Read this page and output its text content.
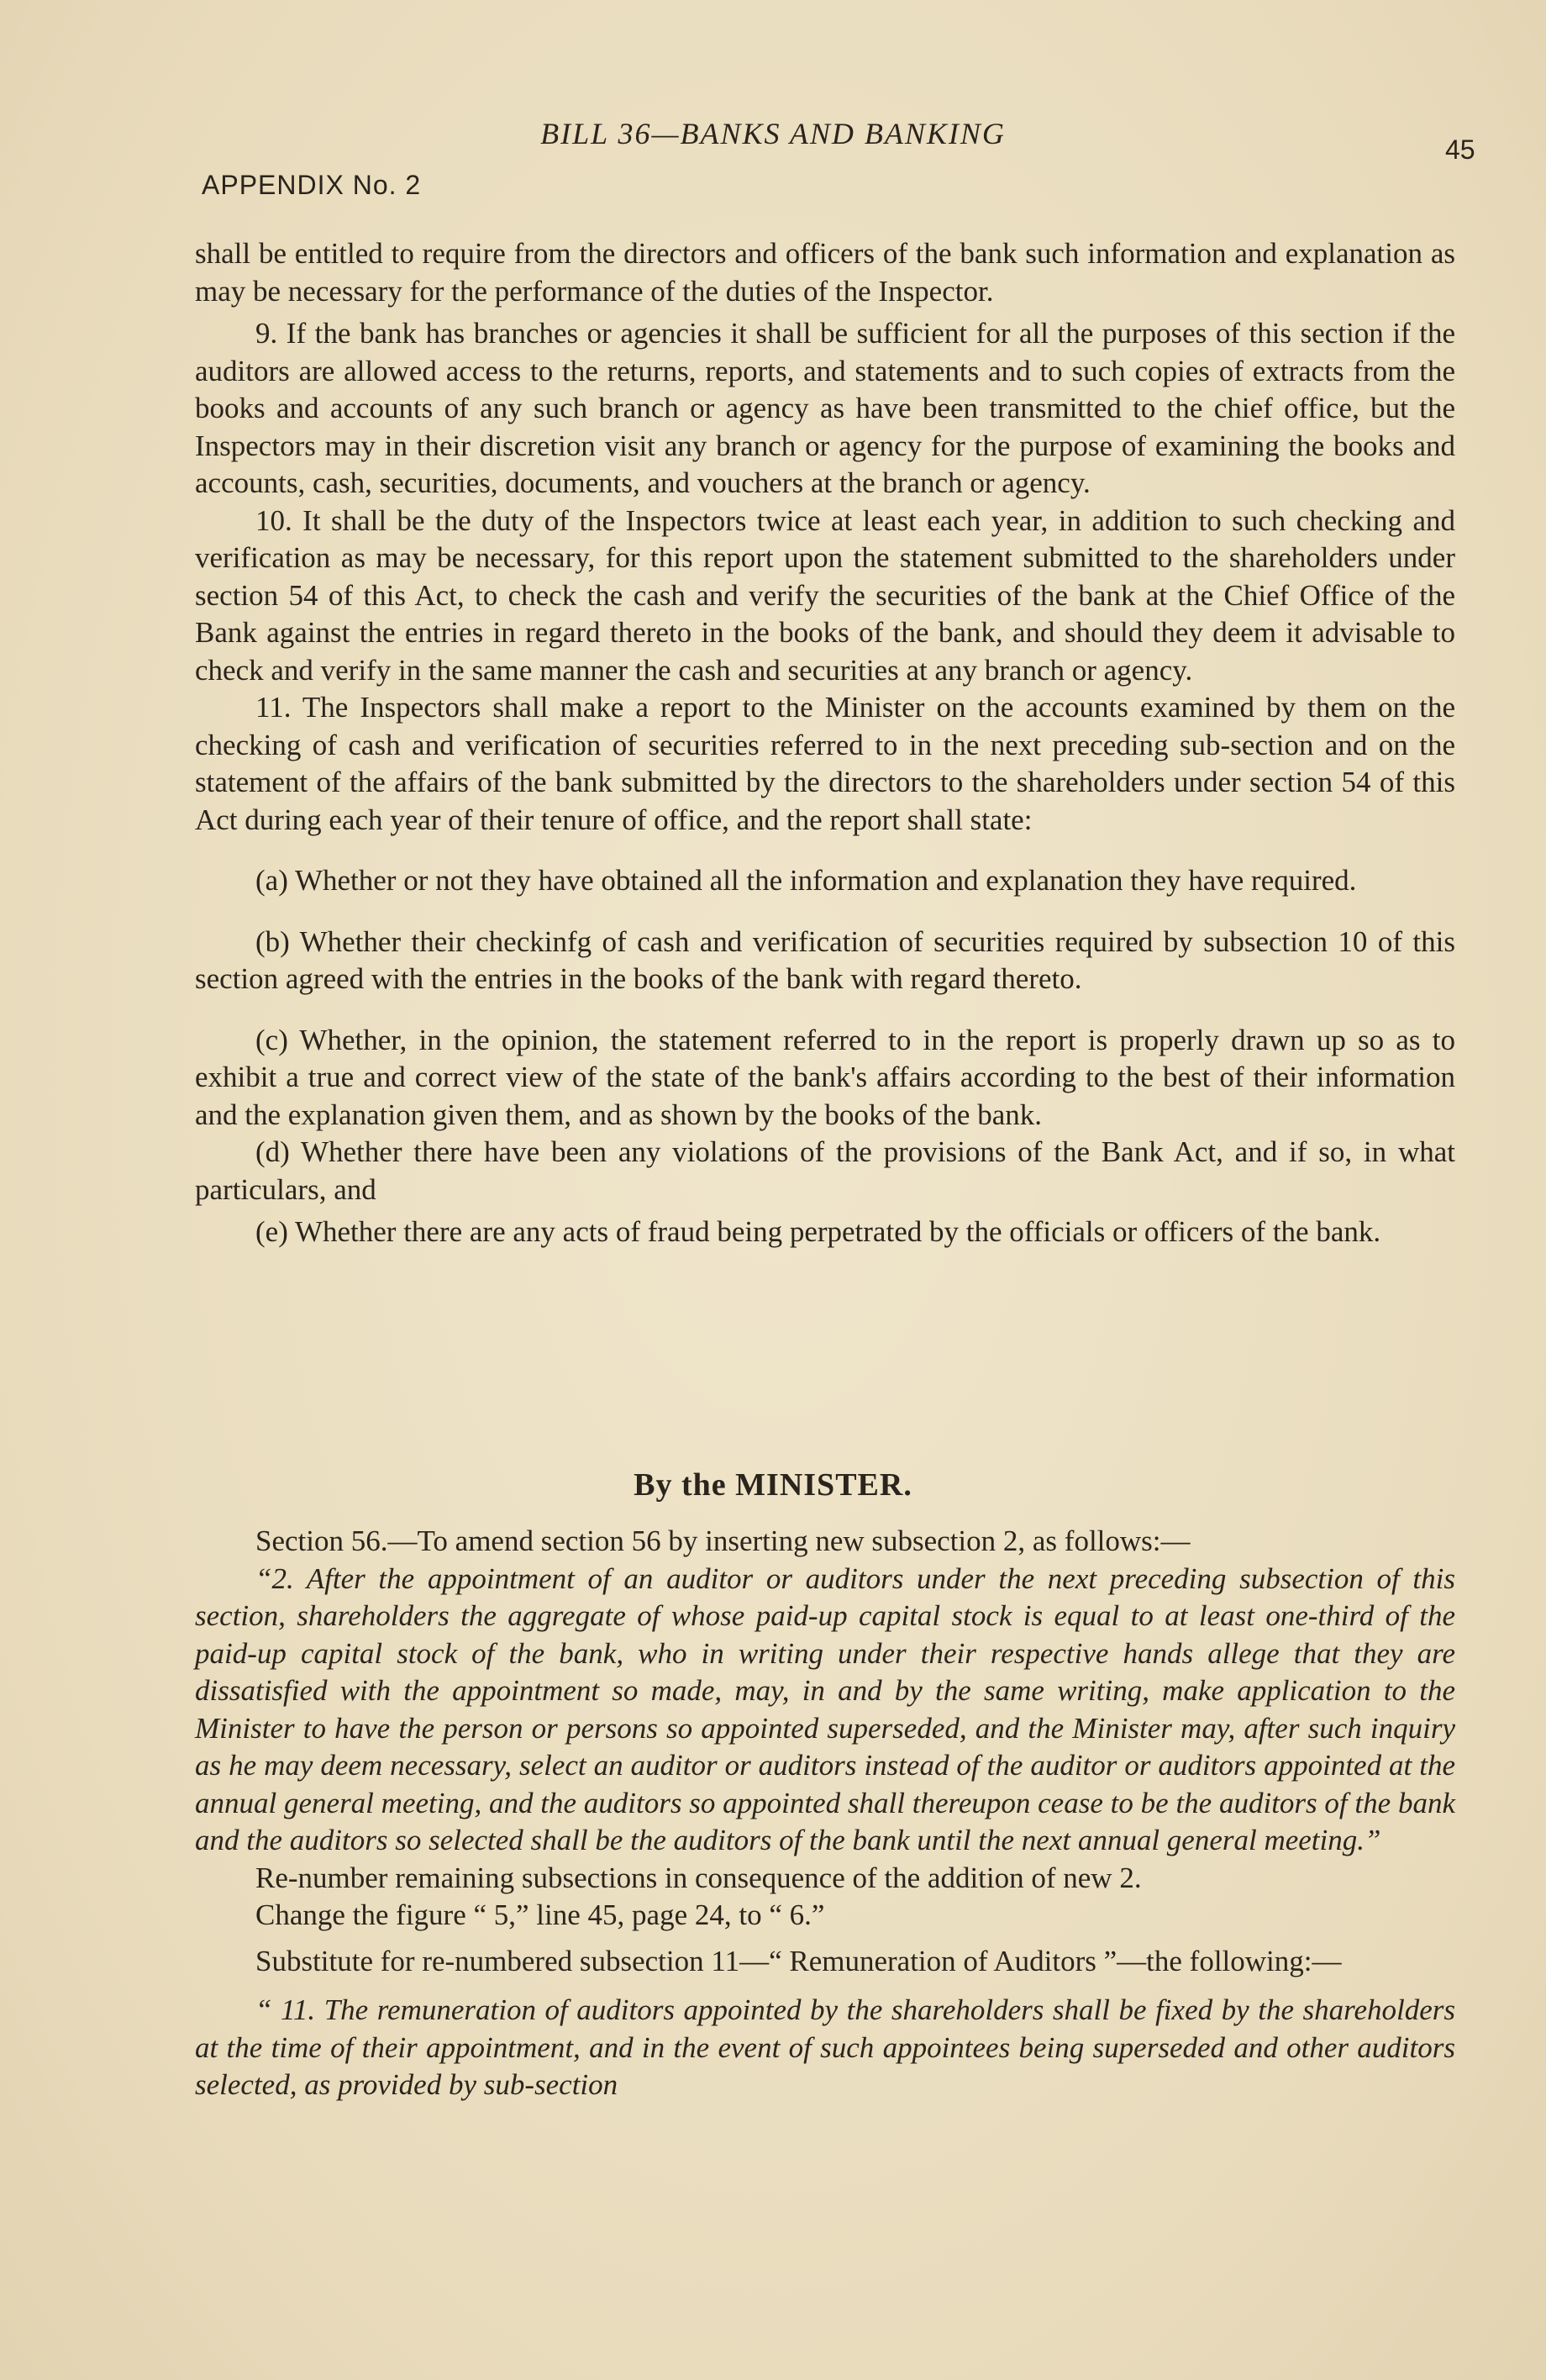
BILL 36—BANKS AND BANKING	45
APPENDIX No. 2

shall be entitled to require from the directors and officers of the bank such information and explanation as may be necessary for the performance of the duties of the Inspector.

9. If the bank has branches or agencies it shall be sufficient for all the purposes of this section if the auditors are allowed access to the returns, reports, and statements and to such copies of extracts from the books and accounts of any such branch or agency as have been transmitted to the chief office, but the Inspectors may in their discretion visit any branch or agency for the purpose of examining the books and accounts, cash, securities, documents, and vouchers at the branch or agency.

10. It shall be the duty of the Inspectors twice at least each year, in addition to such checking and verification as may be necessary, for this report upon the statement submitted to the shareholders under section 54 of this Act, to check the cash and verify the securities of the bank at the Chief Office of the Bank against the entries in regard thereto in the books of the bank, and should they deem it advisable to check and verify in the same manner the cash and securities at any branch or agency.

11. The Inspectors shall make a report to the Minister on the accounts examined by them on the checking of cash and verification of securities referred to in the next preceding sub-section and on the statement of the affairs of the bank submitted by the directors to the shareholders under section 54 of this Act during each year of their tenure of office, and the report shall state:

(a) Whether or not they have obtained all the information and explanation they have required.

(b) Whether their checkinfg of cash and verification of securities required by subsection 10 of this section agreed with the entries in the books of the bank with regard thereto.

(c) Whether, in the opinion, the statement referred to in the report is properly drawn up so as to exhibit a true and correct view of the state of the bank's affairs according to the best of their information and the explanation given them, and as shown by the books of the bank.

(d) Whether there have been any violations of the provisions of the Bank Act, and if so, in what particulars, and

(e) Whether there are any acts of fraud being perpetrated by the officials or officers of the bank.

By the MINISTER.

Section 56.—To amend section 56 by inserting new subsection 2, as follows:—

“2. After the appointment of an auditor or auditors under the next preceding subsection of this section, shareholders the aggregate of whose paid-up capital stock is equal to at least one-third of the paid-up capital stock of the bank, who in writing under their respective hands allege that they are dissatisfied with the appointment so made, may, in and by the same writing, make application to the Minister to have the person or persons so appointed superseded, and the Minister may, after such inquiry as he may deem necessary, select an auditor or auditors instead of the auditor or auditors appointed at the annual general meeting, and the auditors so appointed shall thereupon cease to be the auditors of the bank and the auditors so selected shall be the auditors of the bank until the next annual general meeting.”

Re-number remaining subsections in consequence of the addition of new 2.

Change the figure “ 5,” line 45, page 24, to “ 6.”

Substitute for re-numbered subsection 11—“ Remuneration of Auditors ”—the following:—

“ 11. The remuneration of auditors appointed by the shareholders shall be fixed by the shareholders at the time of their appointment, and in the event of such appointees being superseded and other auditors selected, as provided by sub-section
